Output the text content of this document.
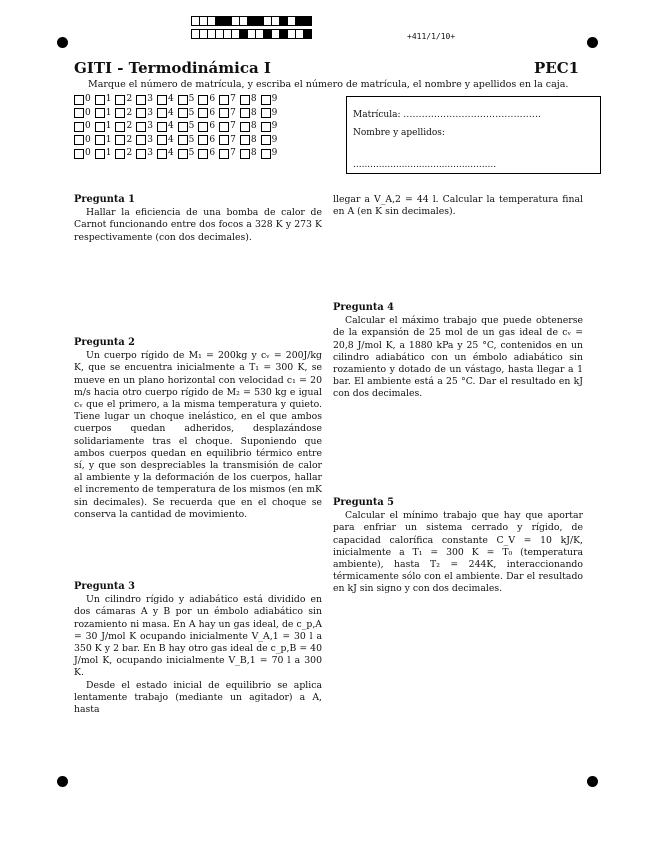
+411/1/10+
GITI - Termodinámica I	PEC1
Marque el número de matrícula, y escriba el número de matrícula, el nombre y apellidos en la caja.
0 1 2 3 4 5 6 7 8 9
0 1 2 3 4 5 6 7 8 9
0 1 2 3 4 5 6 7 8 9
0 1 2 3 4 5 6 7 8 9
0 1 2 3 4 5 6 7 8 9
Matrícula: .............................................
Nombre y apellidos:
..................................................
Pregunta 1

Hallar la eficiencia de una bomba de calor de Carnot funcionando entre dos focos a 328 K y 273 K respectivamente (con dos decimales).

Pregunta 2

Un cuerpo rígido de M₁ = 200kg y cᵥ = 200J/kg K, que se encuentra inicialmente a T₁ = 300 K, se mueve en un plano horizontal con velocidad c₁ = 20 m/s hacia otro cuerpo rígido de M₂ = 530 kg e igual cᵥ que el primero, a la misma temperatura y quieto. Tiene lugar un choque inelástico, en el que ambos cuerpos quedan adheridos, desplazándose solidariamente tras el choque. Suponiendo que ambos cuerpos quedan en equilibrio térmico entre sí, y que son despreciables la transmisión de calor al ambiente y la deformación de los cuerpos, hallar el incremento de temperatura de los mismos (en mK sin decimales). Se recuerda que en el choque se conserva la cantidad de movimiento.

Pregunta 3

Un cilindro rígido y adiabático está dividido en dos cámaras A y B por un émbolo adiabático sin rozamiento ni masa. En A hay un gas ideal, de c_p,A = 30 J/mol K ocupando inicialmente V_A,1 = 30 l a 350 K y 2 bar. En B hay otro gas ideal de c_p,B = 40 J/mol K, ocupando inicialmente V_B,1 = 70 l a 300 K.

Desde el estado inicial de equilibrio se aplica lentamente trabajo (mediante un agitador) a A, hasta

llegar a V_A,2 = 44 l. Calcular la temperatura final en A (en K sin decimales).

Pregunta 4

Calcular el máximo trabajo que puede obtenerse de la expansión de 25 mol de un gas ideal de cᵥ = 20,8 J/mol K, a 1880 kPa y 25 °C, contenidos en un cilindro adiabático con un émbolo adiabático sin rozamiento y dotado de un vástago, hasta llegar a 1 bar. El ambiente está a 25 °C. Dar el resultado en kJ con dos decimales.

Pregunta 5

Calcular el mínimo trabajo que hay que aportar para enfriar un sistema cerrado y rígido, de capacidad calorífica constante C_V = 10 kJ/K, inicialmente a T₁ = 300 K = T₀ (temperatura ambiente), hasta T₂ = 244K, interaccionando térmicamente sólo con el ambiente. Dar el resultado en kJ sin signo y con dos decimales.
